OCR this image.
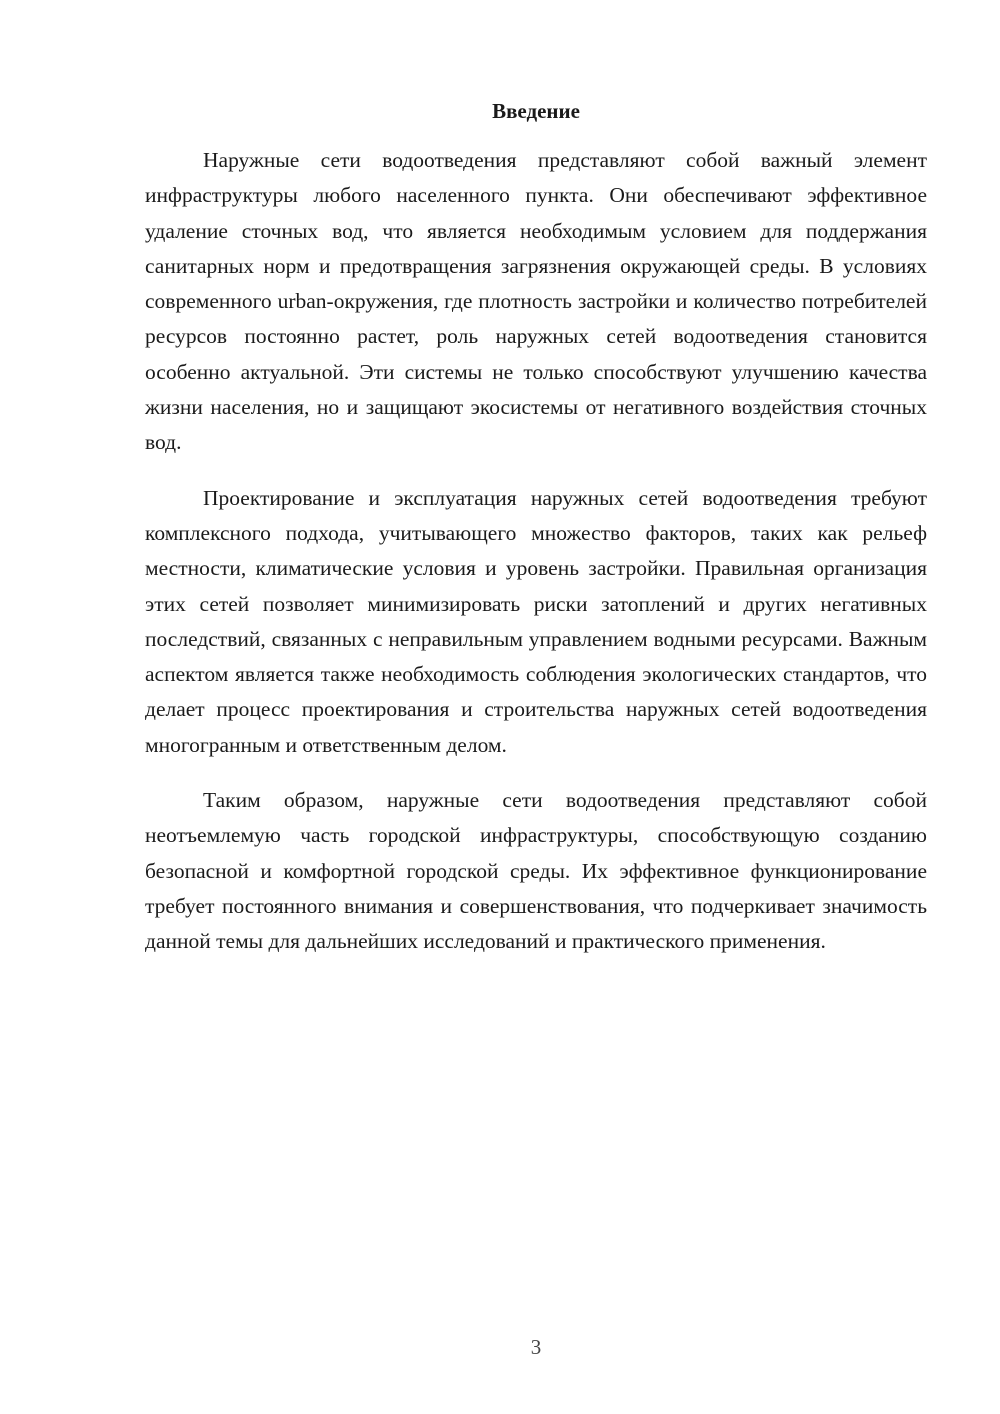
Введение

Наружные сети водоотведения представляют собой важный элемент инфраструктуры любого населенного пункта. Они обеспечивают эффективное удаление сточных вод, что является необходимым условием для поддержания санитарных норм и предотвращения загрязнения окружающей среды. В условиях современного urban-окружения, где плотность застройки и количество потребителей ресурсов постоянно растет, роль наружных сетей водоотведения становится особенно актуальной. Эти системы не только способствуют улучшению качества жизни населения, но и защищают экосистемы от негативного воздействия сточных вод.

Проектирование и эксплуатация наружных сетей водоотведения требуют комплексного подхода, учитывающего множество факторов, таких как рельеф местности, климатические условия и уровень застройки. Правильная организация этих сетей позволяет минимизировать риски затоплений и других негативных последствий, связанных с неправильным управлением водными ресурсами. Важным аспектом является также необходимость соблюдения экологических стандартов, что делает процесс проектирования и строительства наружных сетей водоотведения многогранным и ответственным делом.

Таким образом, наружные сети водоотведения представляют собой неотъемлемую часть городской инфраструктуры, способствующую созданию безопасной и комфортной городской среды. Их эффективное функционирование требует постоянного внимания и совершенствования, что подчеркивает значимость данной темы для дальнейших исследований и практического применения.

3
